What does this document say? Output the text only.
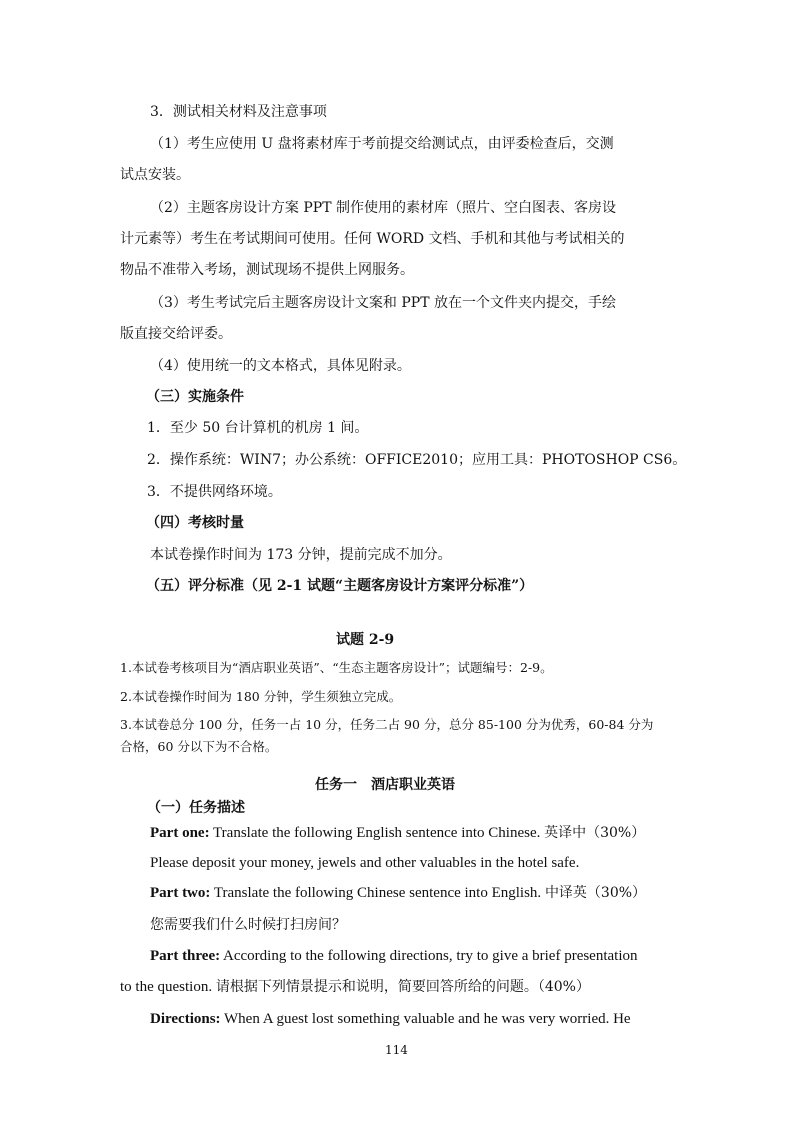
3．测试相关材料及注意事项
（1）考生应使用 U 盘将素材库于考前提交给测试点，由评委检查后，交测
试点安装。
（2）主题客房设计方案 PPT 制作使用的素材库（照片、空白图表、客房设
计元素等）考生在考试期间可使用。任何 WORD 文档、手机和其他与考试相关的
物品不准带入考场，测试现场不提供上网服务。
（3）考生考试完后主题客房设计文案和 PPT 放在一个文件夹内提交，手绘
版直接交给评委。
（4）使用统一的文本格式，具体见附录。
（三）实施条件
1．至少 50 台计算机的机房 1 间。
2．操作系统：WIN7；办公系统：OFFICE2010；应用工具：PHOTOSHOP CS6。
3．不提供网络环境。
（四）考核时量
本试卷操作时间为 173 分钟，提前完成不加分。
（五）评分标准（见 2-1 试题“主题客房设计方案评分标准”）
试题 2-9
1.本试卷考核项目为“酒店职业英语”、“生态主题客房设计”；试题编号：2-9。
2.本试卷操作时间为 180 分钟，学生须独立完成。
3.本试卷总分 100 分，任务一占 10 分，任务二占 90 分，总分 85-100 分为优秀，60-84 分为
合格，60 分以下为不合格。
任务一　酒店职业英语
（一）任务描述
Part one: Translate the following English sentence into Chinese. 英译中（30%）
Please deposit your money, jewels and other valuables in the hotel safe.
Part two: Translate the following Chinese sentence into English. 中译英（30%）
您需要我们什么时候打扫房间？
Part three: According to the following directions, try to give a brief presentation
to the question. 请根据下列情景提示和说明，简要回答所给的问题。（40%）
Directions: When A guest lost something valuable and he was very worried. He
114
